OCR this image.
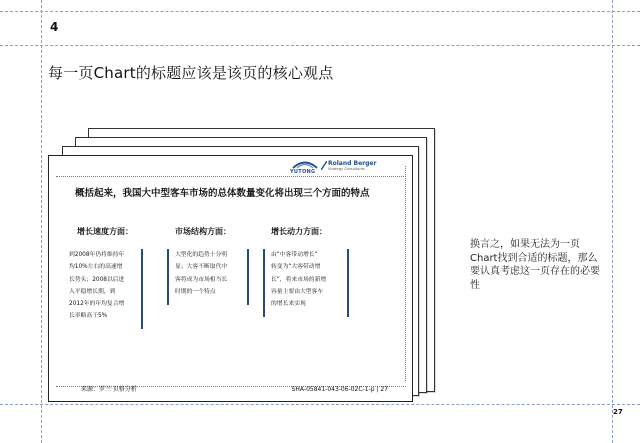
4
每一页Chart的标题应该是该页的核心观点
YUTONG
Roland Berger
Strategy Consultants
概括起来，我国大中型客车市场的总体数量变化将出现三个方面的特点
增长速度方面：	市场结构方面：	增长动力方面：

到2008年仍将维持年

均10%左右的高速增

长势头；2008以后进

入平稳增长期，到

2012年的年均复合增

长率略高于5%

大型化的趋势十分明

显；大客不断取代中

客将成为市场相当长

时期的一个特点

由“中客带动增长”

转变为“大客带动增

长”，将来市场的新增

容量主要由大型客车

的增长来实现

来源：罗兰·贝格分析	SHA-05841-043-06-02C-1-p | 27
换言之，如果无法为一页Chart找到合适的标题，那么要认真考虑这一页存在的必要性
27
